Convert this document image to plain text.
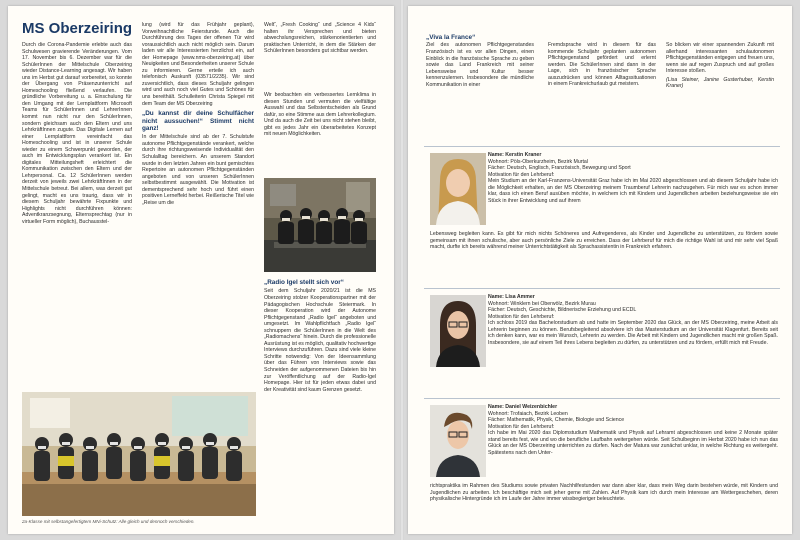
MS Oberzeiring

Durch die Corona-Pandemie erlebte auch das Schulwesen gravierende Veränderungen. Vom 17. November bis 6. Dezember war für die SchülerInnen der Mittelschule Oberzeiring wieder Distance-Learning angesagt. Wir haben uns im Herbst gut darauf vorbereitet, so konnte der Übergang von Präsenzunterricht auf Homeschooling fließend verlaufen. Die gründliche Vorbereitung u. a. Einschulung für den Umgang mit der Lernplattform Microsoft Teams für SchülerInnen und LehrerInnen kommt nun nicht nur den SchülerInnen, sondern gleichsam auch den Eltern und uns LehrkräftInnen zugute. Das Digitale Lernen auf einer Lernplattform vereinfacht das Homeschooling und ist in unserer Schule wieder zu einem Schwerpunkt geworden, der auch im Entwicklungsplan verankert ist. Ein digitales Mitteilungsheft erleichtert die Kommunikation zwischen den Eltern und der Lehrpersonal. Ca. 12 SchülerInnen werden derzeit von jeweils zwei LehrkräftInnen in der Mittelschule betreut. Bei allem, was derzeit gut gelingt, macht es uns traurig, dass wir in diesem Schuljahr bewährte Fixpunkte und Highlights nicht durchführen können: Adventkranzsegnung, Elternsprechtag (nur in virtueller Form möglich), Buchausstel-

lung (wird für das Frühjahr geplant), Vorweihnachtliche Feierstunde. Auch die Durchführung des Tages der offenen Tür wird voraussichtlich auch nicht möglich sein. Darum laden wir alle Interessierten herzlichst ein, auf der Homepage (www.nms-oberzeiring.at) über Neuigkeiten und Besonderheiten unserer Schule zu informieren. Gerne erteile ich auch telefonisch Auskunft (03571/2235). Wir sind zuversichtlich, dass dieses Schuljahr gelingen wird und auch noch viel Gutes und Schönes für uns bereithält. Schulleiterin Christa Spiegel mit dem Team der MS Oberzeiring

„Du kannst dir deine Schulfächer nicht aussuchen!“ Stimmt nicht ganz!

In der Mittelschule sind ab der 7. Schulstufe autonome Pflichtgegenstände verankert, welche durch ihre richtungsweisende Individualität den Schulalltag bereichern. An unserem Standort wurde in den letzten Jahren ein bunt gemischtes Repertoire an autonomen Pflichtgegenständen angeboten und von unseren SchülerInnen selbstbestimmt ausgewählt. Die Motivation ist dementsprechend sehr hoch und führt einen positiven Lerneffekt herbei. Reißerische Titel wie „Reise um die

Welt“, „Fresh Cooking“ und „Science 4 Kids“ halten ihr Versprechen und bieten abwechslungsreichen, stärkenorientierten und praktischen Unterricht, in dem die Stärken der SchülerInnen besonders gut sichtbar werden.

Wir beobachten ein verbessertes Lernklima in diesen Stunden und vermuten die vielfältige Auswahl und das Selbstentscheiden als Grund dafür, so eine Stimme aus dem Lehrerkollegium. Und da auch die Zeit bei uns nicht stehen bleibt, gibt es jedes Jahr ein überarbeitetes Konzept mit neuen Möglichkeiten.

„Radio Igel stellt sich vor“

Seit dem Schuljahr 2020/21 ist die MS Oberzeiring stolzer Kooperationspartner mit der Pädagogischen Hochschule Steiermark. In dieser Kooperation wird der Autonome Pflichtgegenstand „Radio Igel“ angeboten und umgesetzt. Im Wahlpflichtfach „Radio Igel“ schnuppern die SchülerInnen in die Welt des „Radiomachens“ hinein. Durch die professionelle Ausrüstung ist es möglich, qualitativ hochwertige Interviews durchzuführen. Dazu sind viele kleine Schritte notwendig: Von der Ideensammlung über das Führen von Interviews sowie das Schneiden der aufgenommenen Dateien bis hin zur Veröffentlichung auf der Radio-Igel Homepage. Hier ist für jeden etwas dabei und der Kreativität sind kaum Grenzen gesetzt.

2a-Klasse mit selbstangefertigtem MNi-Schutz: Alle gleich und dennoch verschieden.
„Viva la France“

Ziel des autonomen Pflichtgegenstandes Französisch ist es vor allen Dingen, einen Einblick in die französische Sprache zu geben sowie das Land Frankreich mit seiner Lebensweise und Kultur besser kennenzulernen. Insbesondere die mündliche Kommunikation in einer

Fremdsprache wird in diesem für das kommende Schuljahr geplanten autonomen Pflichtgegenstand gefördert und erlernt werden. Die SchülerInnen sind dann in der Lage, sich in französischer Sprache auszudrücken und können Alltagssituationen in einem Frankreichurlaub gut meistern.

So blicken wir einer spannenden Zukunft mit allerhand interessanten schulautonomen Pflichtgegenständen entgegen und freuen uns, wenn sie auf regen Zuspruch und auf großes Interesse stoßen.

(Lisa Steiner, Janine Gusterhuber, Kerstin Kraner)

Name: Kerstin Kraner
Wohnort: Pöls-Oberkurzheim, Bezirk Murtal
Fächer: Deutsch, Englisch, Französisch, Bewegung und Sport
Motivation für den Lehrberuf:
Mein Studium an der Karl-Franzens-Universität Graz habe ich im Mai 2020 abgeschlossen und ab diesem Schuljahr habe ich die Möglichkeit erhalten, an der MS Oberzeiring meinem Traumberuf Lehrerin nachzugehen. Für mich war es schon immer klar, dass ich einen Beruf ausüben möchte, in welchem ich mit Kindern und Jugendlichen arbeiten beziehungsweise sie ein Stück in ihrer Entwicklung und auf ihrem
Lebensweg begleiten kann. Es gibt für mich nichts Schöneres und Aufregenderes, als Kinder und Jugendliche zu unterstützen, zu fördern sowie gemeinsam mit ihnen schulische, aber auch persönliche Ziele zu erreichen. Dass der Lehrberuf für mich die richtige Wahl ist und mir sehr viel Spaß macht, durfte ich bereits während meiner Unterrichtstätigkeit als Sprachassistentin in Frankreich erfahren.
Name: Lisa Ammer
Wohnort: Winklern bei Oberwölz, Bezirk Murau
Fächer: Deutsch, Geschichte, Bildnerische Erziehung und ECDL
Motivation für den Lehrberuf:
Ich schloss 2019 das Bachelorstudium ab und hatte im September 2020 das Glück, an der MS Oberzeiring, meine Arbeit als Lehrerin beginnen zu können. Berufsbegleitend absolviere ich das Masterstudium an der Universität Klagenfurt. Bereits seit ich denken kann, war es mein Wunsch, Lehrerin zu werden. Die Arbeit mit Kindern und Jugendlichen macht mir großen Spaß. Insbesondere, sie auf einem Teil ihres Lebens begleiten zu dürfen, zu unterstützen und zu fördern, erfüllt mich mit Freude.
Name: Daniel Weizenbichler
Wohnort: Trofaiach, Bezirk Leoben
Fächer: Mathematik, Physik, Chemie, Biologie und Science
Motivation für den Lehrberuf:
Ich habe im Mai 2020 das Diplomstudium Mathematik und Physik auf Lehramt abgeschlossen und keine 2 Monate später stand bereits fest, wie und wo die berufliche Laufbahn weitergehen würde. Seit Schulbeginn im Herbst 2020 habe ich nun das Glück an der MS Oberzeiring unterrichten zu dürfen. Nach der Matura war zunächst unklar, in welche Richtung es weitergeht. Spätestens nach den Unter-
richtspraktika im Rahmen des Studiums sowie privaten Nachhilfestunden war dann aber klar, dass mein Weg darin bestehen würde, mit Kindern und Jugendlichen zu arbeiten. Ich beschäftige mich seit jeher gerne mit Zahlen. Auf Physik kam ich durch mein Interesse am Wettergeschehen, deren physikalische Hintergründe ich im Laufe der Jahre immer wissbegieriger beleuchtete.
